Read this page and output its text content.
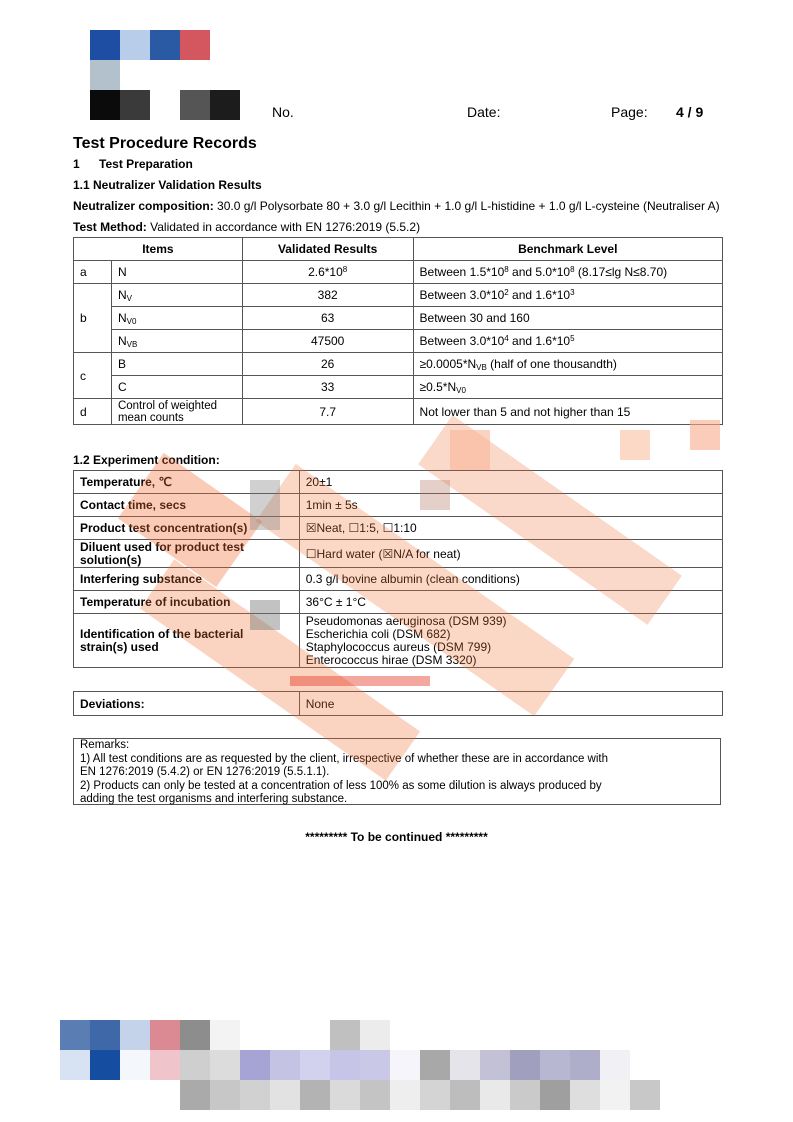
No.	Date:	Page: 4 / 9
Test Procedure Records
1 Test Preparation
1.1 Neutralizer Validation Results
Neutralizer composition: 30.0 g/l Polysorbate 80 + 3.0 g/l Lecithin + 1.0 g/l L-histidine + 1.0 g/l L-cysteine (Neutraliser A)
Test Method: Validated in accordance with EN 1276:2019 (5.5.2)
Items		Validated Results	Benchmark Level
a	N	$2.6*10^8$	Between $1.5*10^8$ and $5.0*10^8$ (8.17≤lg N≤8.70)
b	$N_V$	382	Between $3.0*10^2$ and $1.6*10^3$
	$N_{V0}$	63	Between 30 and 160
	$N_{VB}$	47500	Between $3.0*10^4$ and $1.6*10^5$
c	B	26	$\ge 0.0005*N_{VB}$ (half of one thousandth)
	C	33	$\ge 0.5*N_{V0}$
d	Control of weighted mean counts	7.7	Not lower than 5 and not higher than 15
1.2 Experiment condition:
Temperature, ℃	20±1
Contact time, secs	1min ± 5s
Product test concentration(s)	☒Neat, ☐1:5, ☐1:10
Diluent used for product test solution(s)	☐Hard water (☒N/A for neat)
Interfering substance	0.3 g/l bovine albumin (clean conditions)
Temperature of incubation	36°C ± 1°C
Identification of the bacterial strain(s) used	Pseudomonas aeruginosa (DSM 939)
Escherichia coli (DSM 682)
Staphylococcus aureus (DSM 799)
Enterococcus hirae (DSM 3320)
Deviations:	None
Remarks:
1) All test conditions are as requested by the client, irrespective of whether these are in accordance with
EN 1276:2019 (5.4.2) or EN 1276:2019 (5.5.1.1).
2) Products can only be tested at a concentration of less 100% as some dilution is always produced by
adding the test organisms and interfering substance.
********* To be continued *********
